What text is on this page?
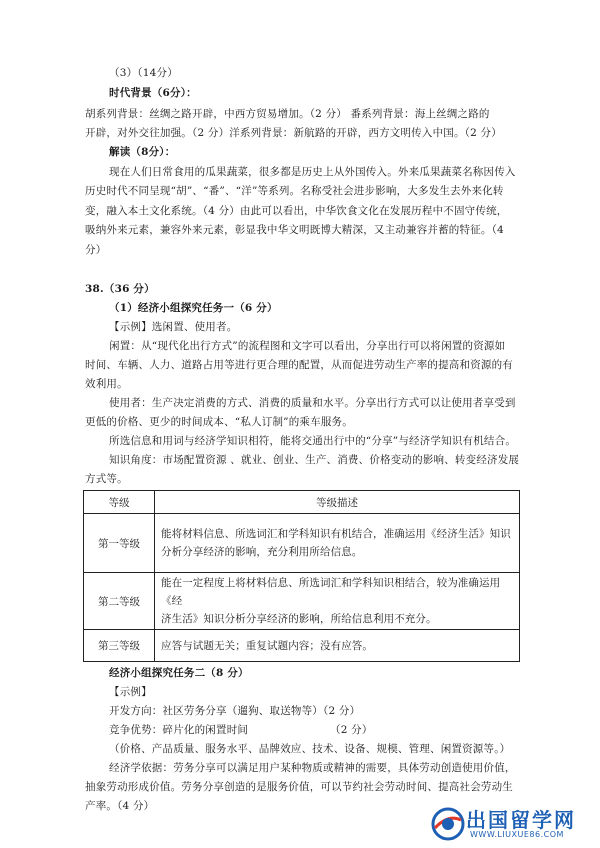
（3）（14分）
时代背景（6分）：
胡系列背景：丝绸之路开辟，中西方贸易增加。（2 分） 番系列背景：海上丝绸之路的
开辟，对外交往加强。（2 分）洋系列背景：新航路的开辟，西方文明传入中国。（2 分）
解读（8分）：
现在人们日常食用的瓜果蔬菜，很多都是历史上从外国传入。外来瓜果蔬菜名称因传入
历史时代不同呈现“胡”、“番”、“洋”等系列。名称受社会进步影响，大多发生去外来化转
变，融入本土文化系统。（4 分）由此可以看出，中华饮食文化在发展历程中不固守传统，
吸纳外来元素，兼容外来元素，彰显我中华文明既博大精深，又主动兼容并蓄的特征。（4
分）
38.（36 分）
（1）经济小组探究任务一（6 分）
【示例】选闲置、使用者。
闲置：从“现代化出行方式”的流程图和文字可以看出，分享出行可以将闲置的资源如
时间、车辆、人力、道路占用等进行更合理的配置，从而促进劳动生产率的提高和资源的有
效利用。
使用者：生产决定消费的方式、消费的质量和水平。分享出行方式可以让使用者享受到
更低的价格、更少的时间成本、“私人订制”的乘车服务。
所选信息和用词与经济学知识相符，能将交通出行中的“分享”与经济学知识有机结合。
知识角度：市场配置资源 、就业、创业、生产、消费、价格变动的影响、转变经济发展
方式等。
等级	等级描述
第一等级	能将材料信息、所选词汇和学科知识有机结合，准确运用《经济生活》知识
分析分享经济的影响，充分利用所给信息。

第二等级	能在一定程度上将材料信息、所选词汇和学科知识相结合，较为准确运用《经
济生活》知识分析分享经济的影响，所给信息利用不充分。

第三等级	应答与试题无关；重复试题内容；没有应答。
经济小组探究任务二（8 分）
【示例】
开发方向：社区劳务分享（遛狗、取送物等）（2 分）
竞争优势：碎片化的闲置时间	（2 分）
（价格、产品质量、服务水平、品牌效应、技术、设备、规模、管理、闲置资源等。）
经济学依据：劳务分享可以满足用户某种物质或精神的需要，具体劳动创造使用价值，
抽象劳动形成价值。劳务分享创造的是服务价值，可以节约社会劳动时间、提高社会劳动生
产率。（4 分）
出国留学网
WWW.LIUXUE86.COM
